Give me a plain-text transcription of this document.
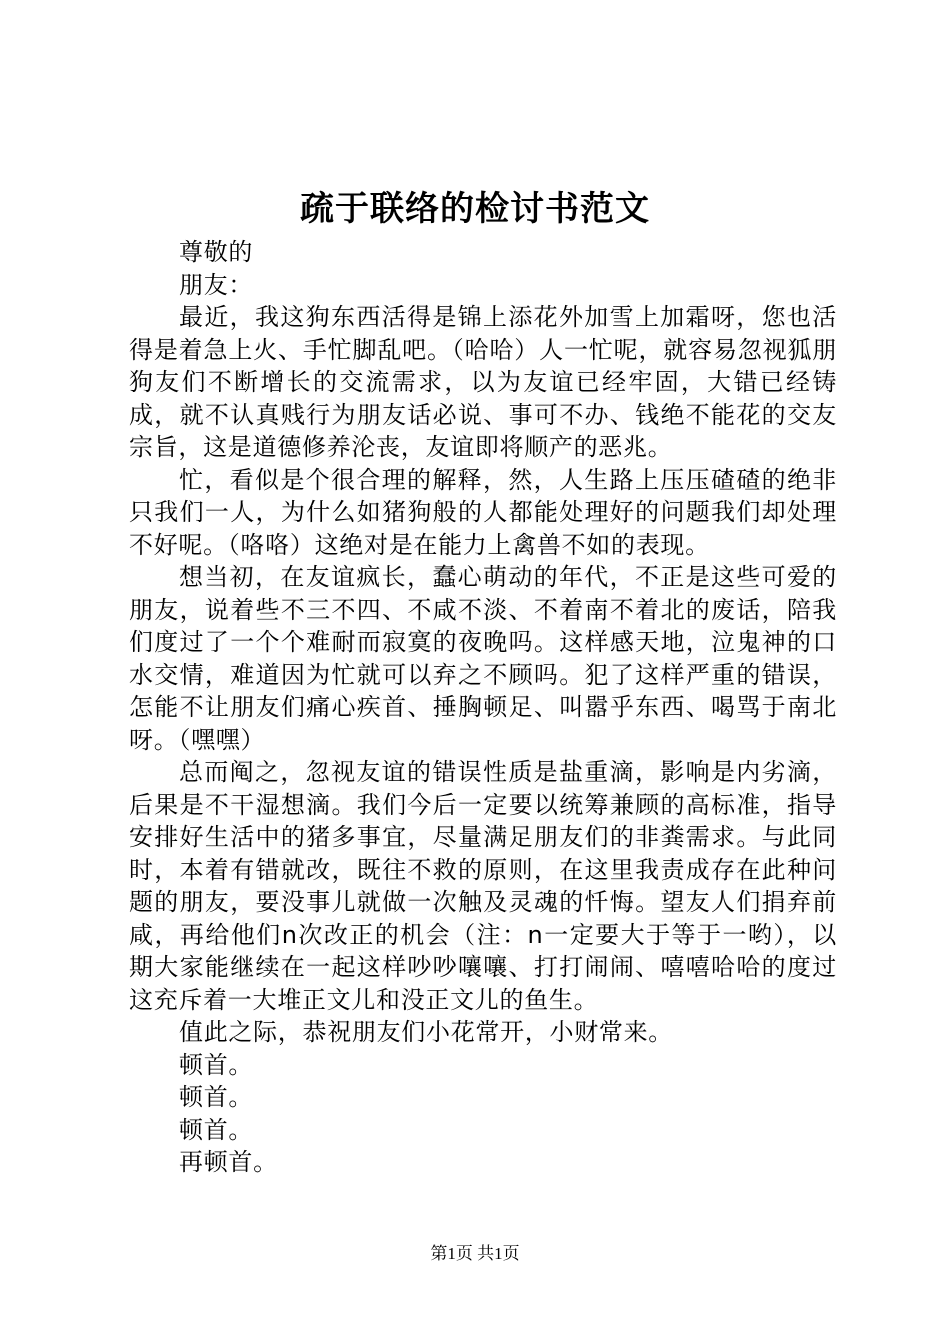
疏于联络的检讨书范文

尊敬的

朋友：

最近，我这狗东西活得是锦上添花外加雪上加霜呀，您也活得是着急上火、手忙脚乱吧。（哈哈）人一忙呢，就容易忽视狐朋狗友们不断增长的交流需求，以为友谊已经牢固，大错已经铸成，就不认真贱行为朋友话必说、事可不办、钱绝不能花的交友宗旨，这是道德修养沦丧，友谊即将顺产的恶兆。

忙，看似是个很合理的解释，然，人生路上压压碴碴的绝非只我们一人，为什么如猪狗般的人都能处理好的问题我们却处理不好呢。（咯咯）这绝对是在能力上禽兽不如的表现。

想当初，在友谊疯长，蠢心萌动的年代，不正是这些可爱的朋友，说着些不三不四、不咸不淡、不着南不着北的废话，陪我们度过了一个个难耐而寂寞的夜晚吗。这样感天地，泣鬼神的口水交情，难道因为忙就可以弃之不顾吗。犯了这样严重的错误，怎能不让朋友们痛心疾首、捶胸顿足、叫嚣乎东西、喝骂于南北呀。（嘿嘿）

总而阄之，忽视友谊的错误性质是盐重滴，影响是内劣滴，后果是不干湿想滴。我们今后一定要以统筹兼顾的高标准，指导安排好生活中的猪多事宜，尽量满足朋友们的非粪需求。与此同时，本着有错就改，既往不救的原则，在这里我责成存在此种问题的朋友，要没事儿就做一次触及灵魂的忏悔。望友人们捐弃前咸，再给他们n次改正的机会（注：n一定要大于等于一哟），以期大家能继续在一起这样吵吵嚷嚷、打打闹闹、嘻嘻哈哈的度过这充斥着一大堆正文儿和没正文儿的鱼生。

值此之际，恭祝朋友们小花常开，小财常来。

顿首。

顿首。

顿首。

再顿首。

第1页 共1页
